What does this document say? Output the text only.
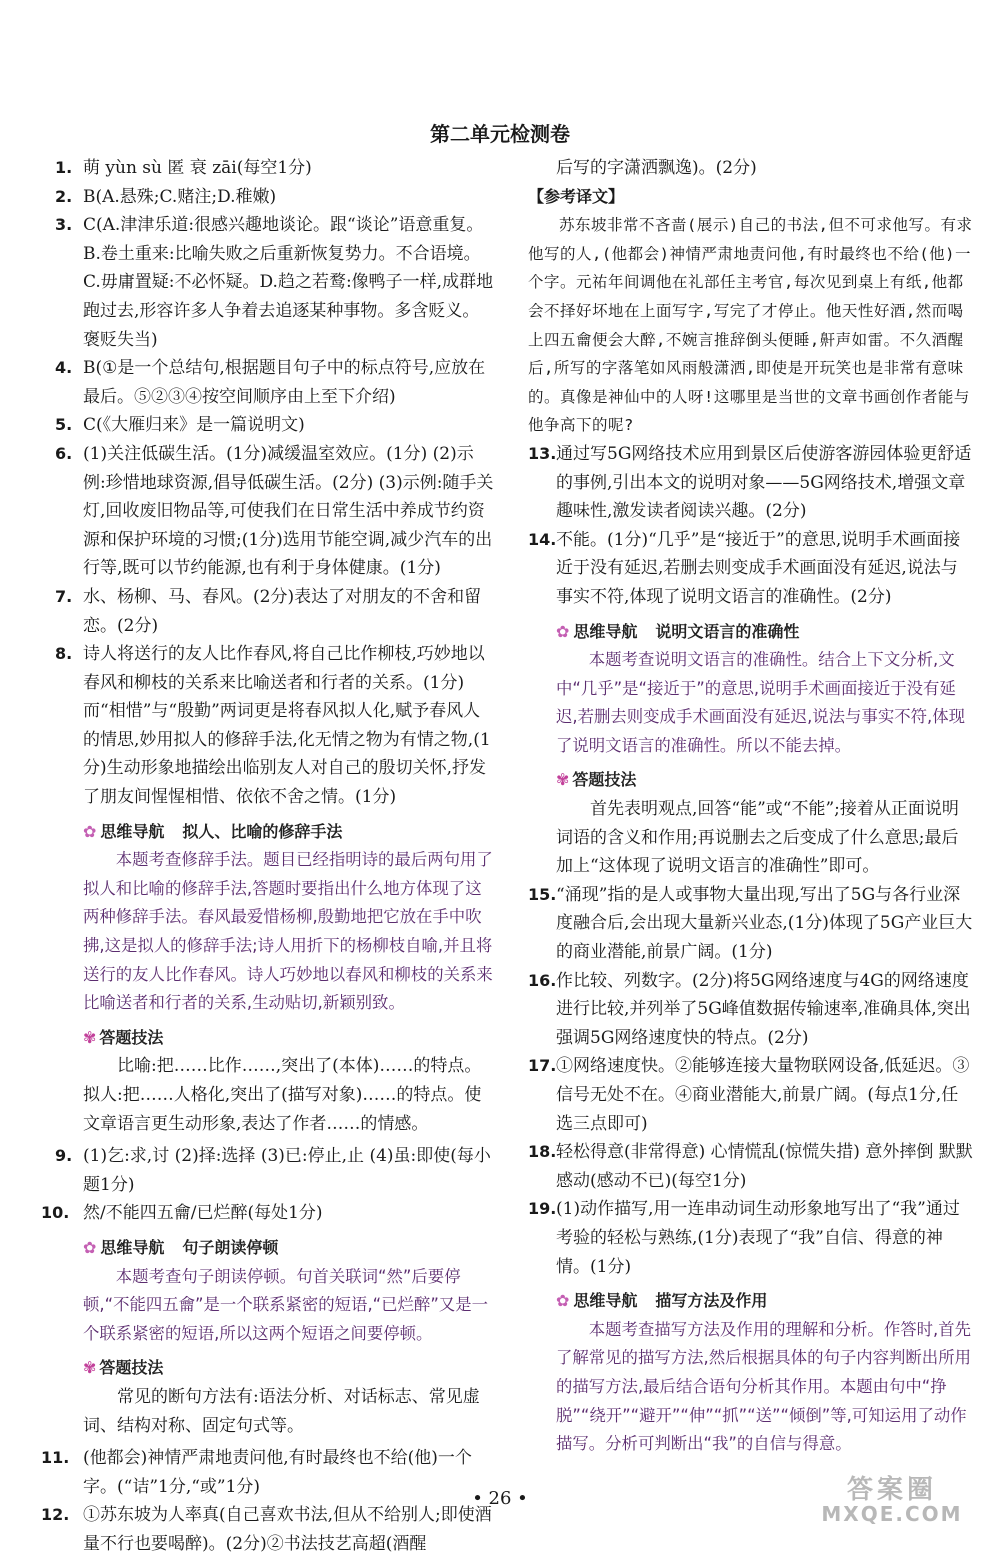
第二单元检测卷
1. 萌 yùn sù 匿 衰 zāi(每空1分)
2. B(A.悬殊;C.赌注;D.稚嫩)
3. C(A.津津乐道:很感兴趣地谈论。跟“谈论”语意重复。B.卷土重来:比喻失败之后重新恢复势力。不合语境。C.毋庸置疑:不必怀疑。D.趋之若鹜:像鸭子一样,成群地跑过去,形容许多人争着去追逐某种事物。多含贬义。褒贬失当)
4. B(①是一个总结句,根据题目句子中的标点符号,应放在最后。⑤②③④按空间顺序由上至下介绍)
5. C(《大雁归来》是一篇说明文)
6. (1)关注低碳生活。(1分)减缓温室效应。(1分) (2)示例:珍惜地球资源,倡导低碳生活。(2分) (3)示例:随手关灯,回收废旧物品等,可使我们在日常生活中养成节约资源和保护环境的习惯;(1分)选用节能空调,减少汽车的出行等,既可以节约能源,也有利于身体健康。(1分)
7. 水、杨柳、马、春风。(2分)表达了对朋友的不舍和留恋。(2分)
8. 诗人将送行的友人比作春风,将自己比作柳枝,巧妙地以春风和柳枝的关系来比喻送者和行者的关系。(1分)而“相惜”与“殷勤”两词更是将春风拟人化,赋予春风人的情思,妙用拟人的修辞手法,化无情之物为有情之物,(1分)生动形象地描绘出临别友人对自己的殷切关怀,抒发了朋友间惺惺相惜、依依不舍之情。(1分)
✿ 思维导航 拟人、比喻的修辞手法
本题考查修辞手法。题目已经指明诗的最后两句用了拟人和比喻的修辞手法,答题时要指出什么地方体现了这两种修辞手法。春风最爱惜杨柳,殷勤地把它放在手中吹拂,这是拟人的修辞手法;诗人用折下的杨柳枝自喻,并且将送行的友人比作春风。诗人巧妙地以春风和柳枝的关系来比喻送者和行者的关系,生动贴切,新颖别致。
✾ 答题技法
比喻:把……比作……,突出了(本体)……的特点。拟人:把……人格化,突出了(描写对象)……的特点。使文章语言更生动形象,表达了作者……的情感。
9. (1)乞:求,讨 (2)择:选择 (3)已:停止,止 (4)虽:即使(每小题1分)
10. 然/不能四五龠/已烂醉(每处1分)
✿ 思维导航 句子朗读停顿
本题考查句子朗读停顿。句首关联词“然”后要停顿,“不能四五龠”是一个联系紧密的短语,“已烂醉”又是一个联系紧密的短语,所以这两个短语之间要停顿。
✾ 答题技法
常见的断句方法有:语法分析、对话标志、常见虚词、结构对称、固定句式等。
11. (他都会)神情严肃地责问他,有时最终也不给(他)一个字。(“诘”1分,“或”1分)
12. ①苏东坡为人率真(自己喜欢书法,但从不给别人;即使酒量不行也要喝醉)。(2分)②书法技艺高超(酒醒
后写的字潇洒飘逸)。(2分)
【参考译文】
苏东坡非常不吝啬(展示)自己的书法,但不可求他写。有求他写的人,(他都会)神情严肃地责问他,有时最终也不给(他)一个字。元祐年间调他在礼部任主考官,每次见到桌上有纸,他都会不择好坏地在上面写字,写完了才停止。他天性好酒,然而喝上四五龠便会大醉,不婉言推辞倒头便睡,鼾声如雷。不久酒醒后,所写的字落笔如风雨般潇洒,即使是开玩笑也是非常有意味的。真像是神仙中的人呀!这哪里是当世的文章书画创作者能与他争高下的呢?
13. 通过写5G网络技术应用到景区后使游客游园体验更舒适的事例,引出本文的说明对象——5G网络技术,增强文章趣味性,激发读者阅读兴趣。(2分)
14. 不能。(1分)“几乎”是“接近于”的意思,说明手术画面接近于没有延迟,若删去则变成手术画面没有延迟,说法与事实不符,体现了说明文语言的准确性。(2分)
✿ 思维导航 说明文语言的准确性
本题考查说明文语言的准确性。结合上下文分析,文中“几乎”是“接近于”的意思,说明手术画面接近于没有延迟,若删去则变成手术画面没有延迟,说法与事实不符,体现了说明文语言的准确性。所以不能去掉。
✾ 答题技法
首先表明观点,回答“能”或“不能”;接着从正面说明词语的含义和作用;再说删去之后变成了什么意思;最后加上“这体现了说明文语言的准确性”即可。
15. “涌现”指的是人或事物大量出现,写出了5G与各行业深度融合后,会出现大量新兴业态,(1分)体现了5G产业巨大的商业潜能,前景广阔。(1分)
16. 作比较、列数字。(2分)将5G网络速度与4G的网络速度进行比较,并列举了5G峰值数据传输速率,准确具体,突出强调5G网络速度快的特点。(2分)
17. ①网络速度快。②能够连接大量物联网设备,低延迟。③信号无处不在。④商业潜能大,前景广阔。(每点1分,任选三点即可)
18. 轻松得意(非常得意) 心情慌乱(惊慌失措) 意外摔倒 默默感动(感动不已)(每空1分)
19. (1)动作描写,用一连串动词生动形象地写出了“我”通过考验的轻松与熟练,(1分)表现了“我”自信、得意的神情。(1分)
✿ 思维导航 描写方法及作用
本题考查描写方法及作用的理解和分析。作答时,首先了解常见的描写方法,然后根据具体的句子内容判断出所用的描写方法,最后结合语句分析其作用。本题由句中“挣脱”“绕开”“避开”“伸”“抓”“送”“倾倒”等,可知运用了动作描写。分析可判断出“我”的自信与得意。
• 26 •	答案圈
MXQE.COM
